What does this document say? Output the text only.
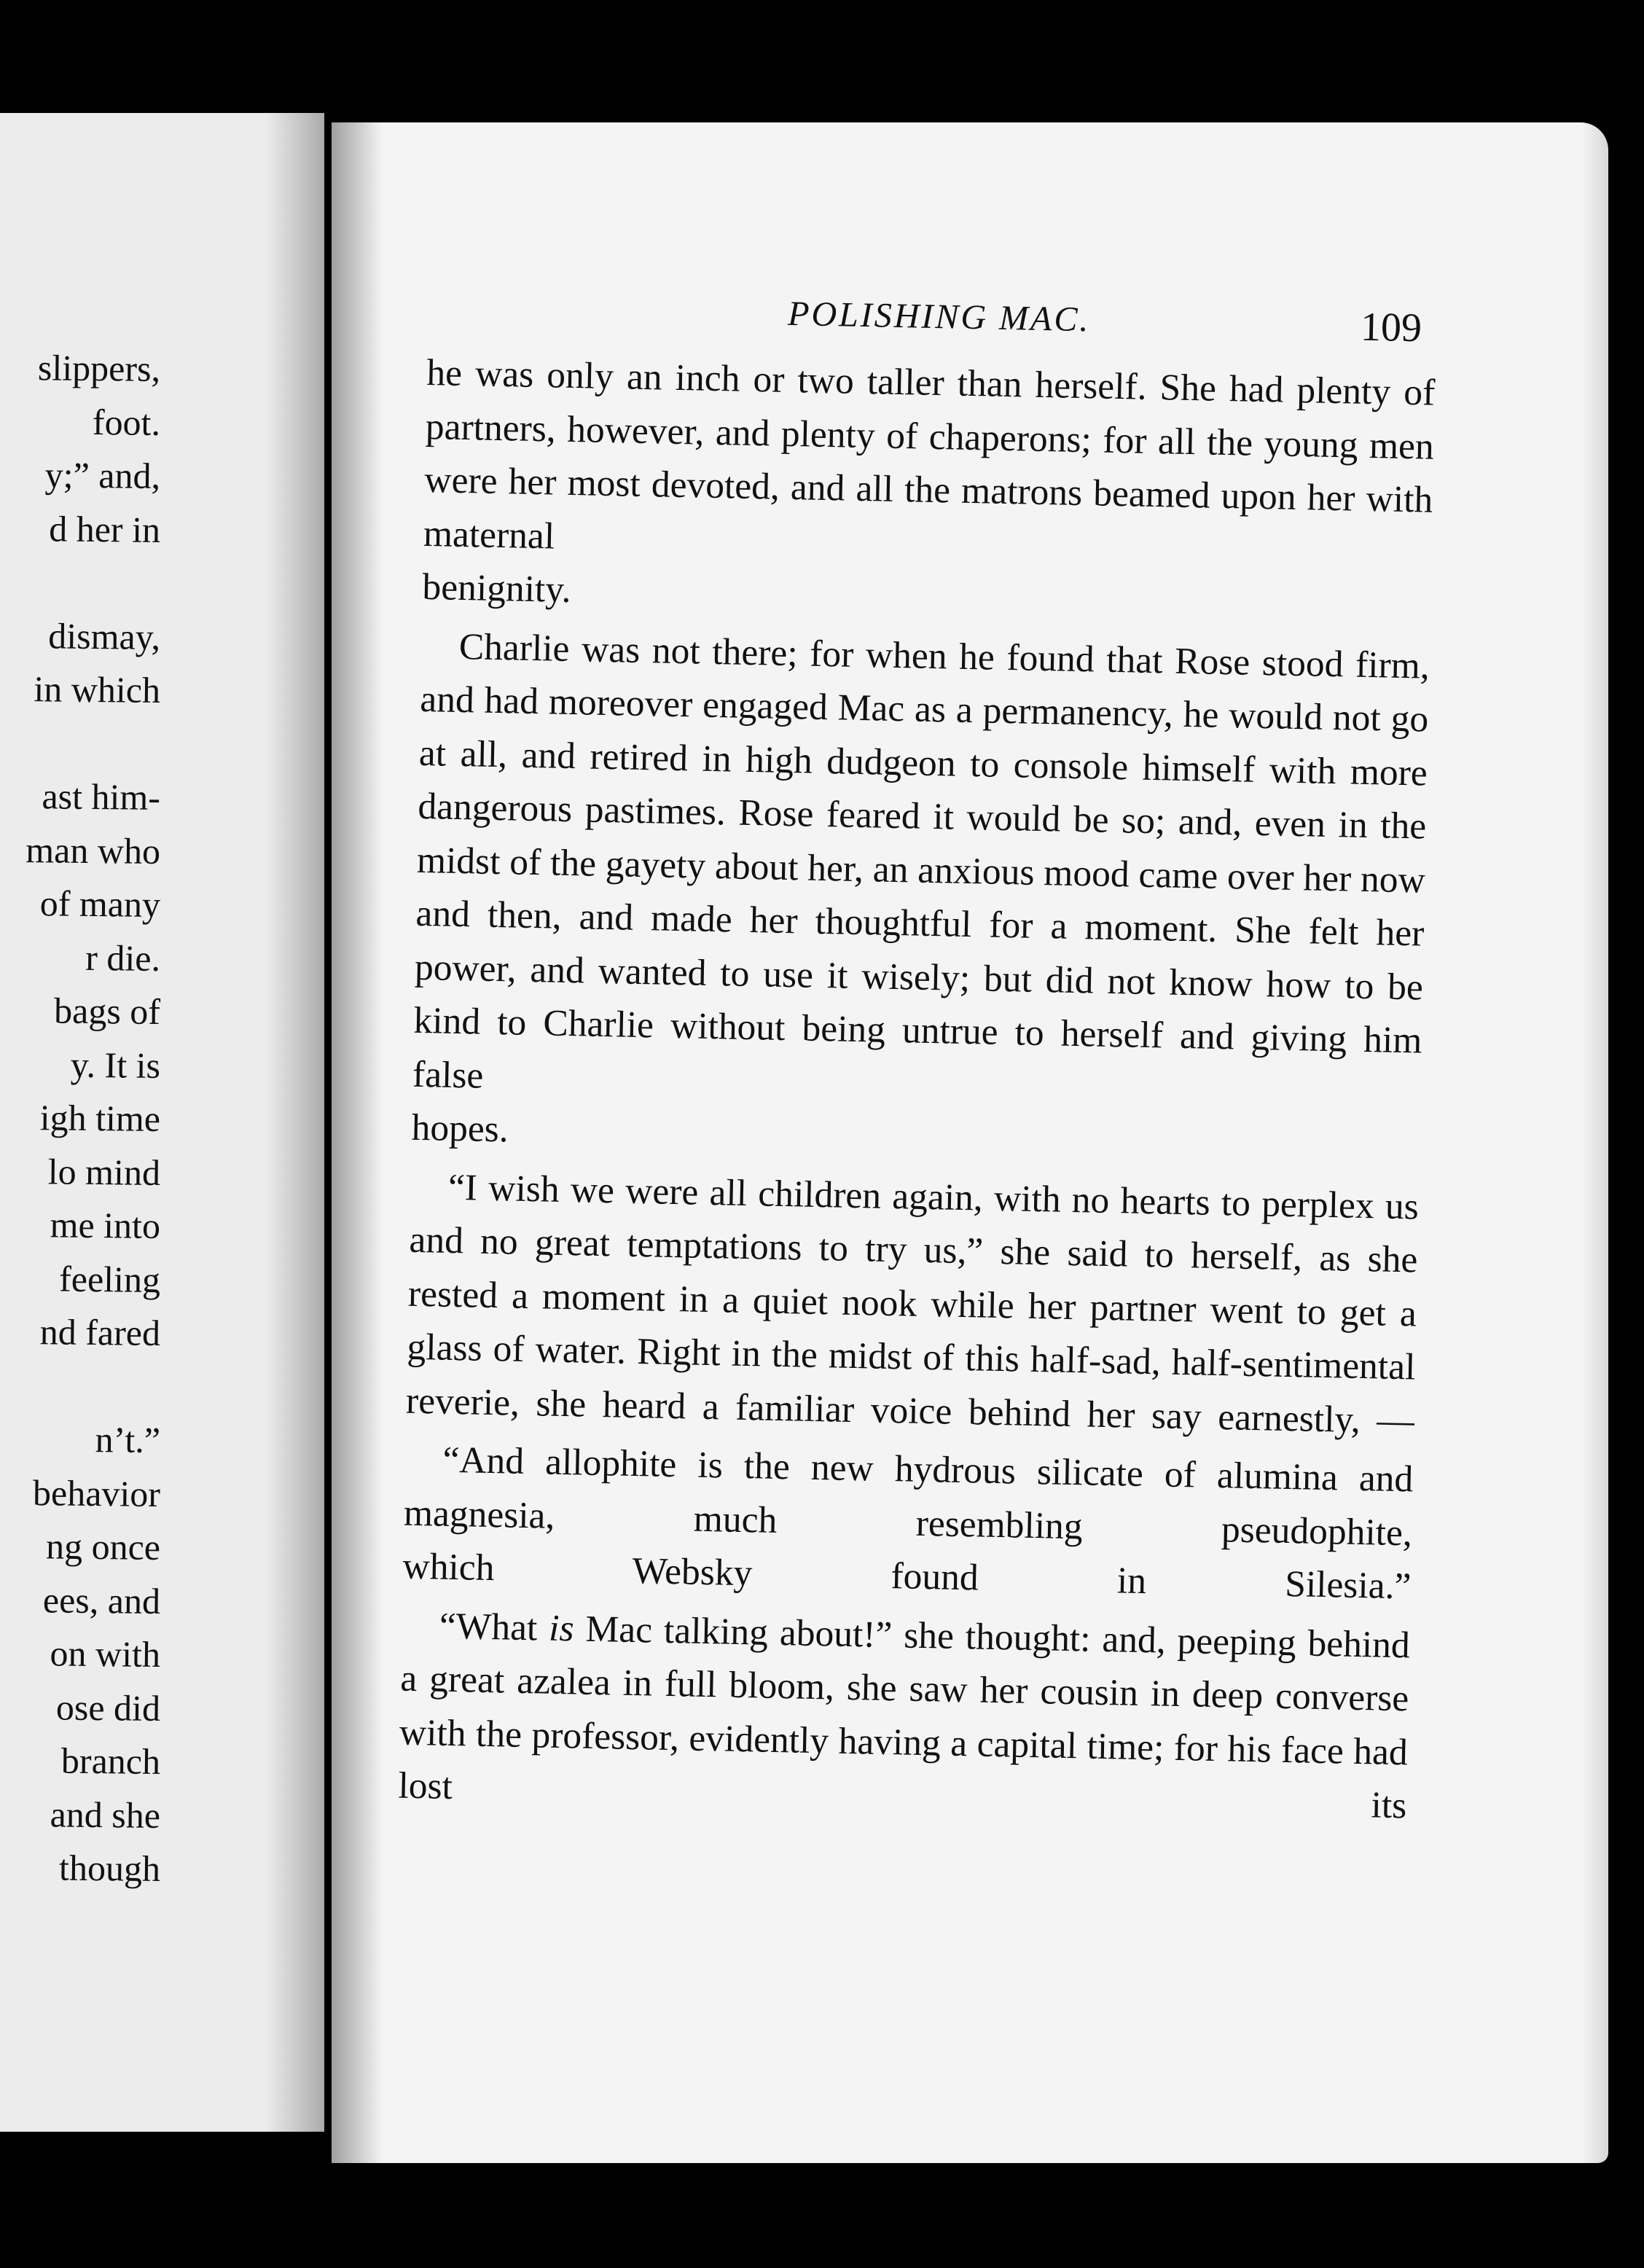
slippers,
foot.
y;” and,
d her in

dismay,
in which

ast him-
man who
of many
r die.
bags of
y. It is
igh time
lo mind
me into
feeling
nd fared

n’t.”
behavior
ng once
ees, and
on with
ose did
branch
and she
though
POLISHING MAC.	109

he was only an inch or two taller than herself. She had plenty of partners, however, and plenty of chaperons; for all the young men were her most devoted, and all the matrons beamed upon her with maternal
benignity.

Charlie was not there; for when he found that Rose stood firm, and had moreover engaged Mac as a permanency, he would not go at all, and retired in high dudgeon to console himself with more dangerous pastimes. Rose feared it would be so; and, even in the midst of the gayety about her, an anxious mood came over her now and then, and made her thoughtful for a moment. She felt her power, and wanted to use it wisely; but did not know how to be kind to Charlie without being untrue to herself and giving him false
hopes.

“I wish we were all children again, with no hearts to perplex us and no great temptations to try us,” she said to herself, as she rested a moment in a quiet nook while her partner went to get a glass of water. Right in the midst of this half-sad, half-sentimental reverie, she heard a familiar voice behind her say earnestly, —

“And allophite is the new hydrous silicate of alumina and magnesia, much resembling pseudophite,
which Websky found in Silesia.”

“What is Mac talking about!” she thought: and, peeping behind a great azalea in full bloom, she saw her cousin in deep converse with the professor, evidently having a capital time; for his face had lost its
